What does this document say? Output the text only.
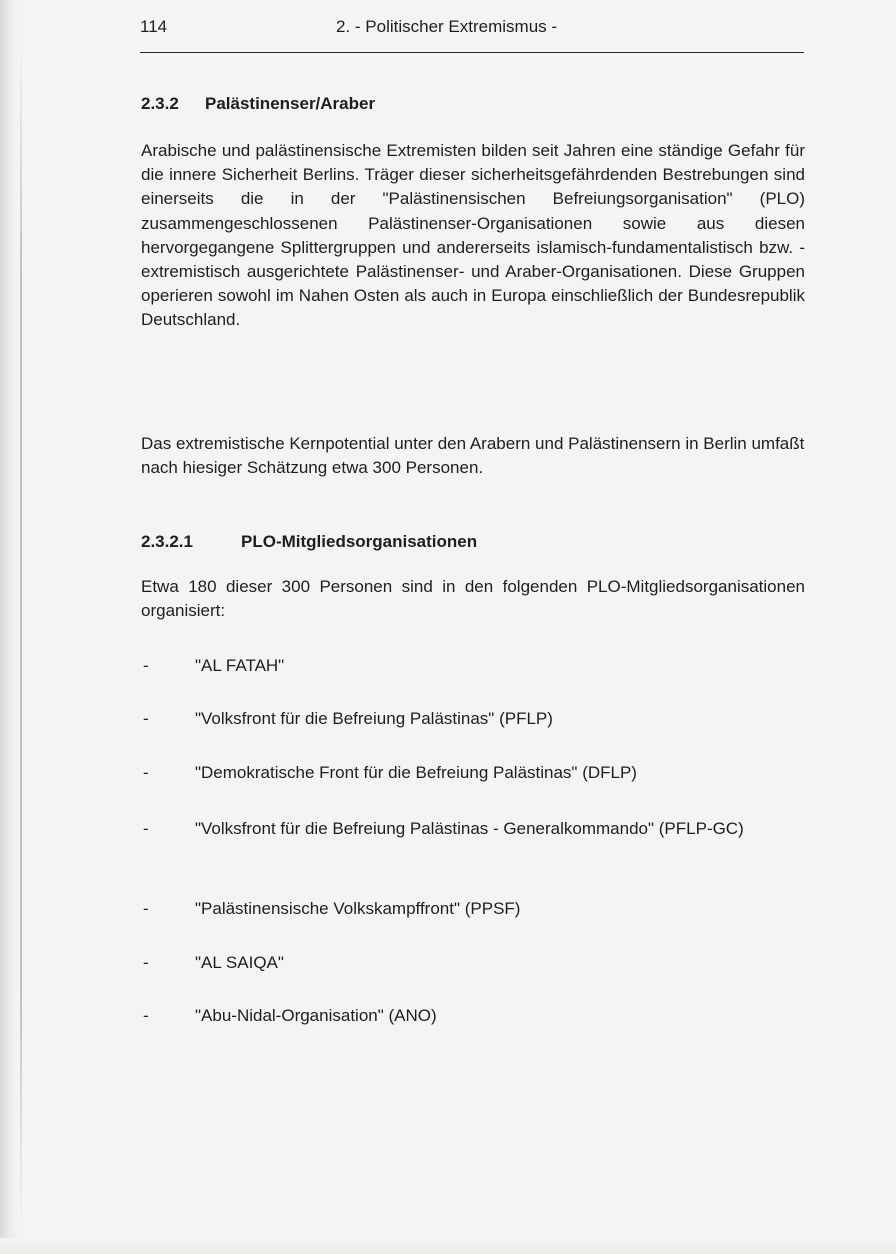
114	2. - Politischer Extremismus -
2.3.2 Palästinenser/Araber

Arabische und palästinensische Extremisten bilden seit Jahren eine ständige Gefahr für die innere Sicherheit Berlins. Träger dieser sicherheitsgefährdenden Bestrebungen sind einerseits die in der "Palästinensischen Befreiungsorganisation" (PLO) zusammengeschlossenen Palästinenser-Organisationen sowie aus diesen hervorgegangene Splittergruppen und andererseits islamisch-fundamentalistisch bzw. - extremistisch ausgerichtete Palästinenser- und Araber-Organisationen. Diese Gruppen operieren sowohl im Nahen Osten als auch in Europa einschließlich der Bundesrepublik Deutschland.

Das extremistische Kernpotential unter den Arabern und Palästinensern in Berlin umfaßt nach hiesiger Schätzung etwa 300 Personen.

2.3.2.1	PLO-Mitgliedsorganisationen

Etwa 180 dieser 300 Personen sind in den folgenden PLO-Mitgliedsorganisationen organisiert:

-	"AL FATAH"
-	"Volksfront für die Befreiung Palästinas" (PFLP)
-	"Demokratische Front für die Befreiung Palästinas" (DFLP)
-	"Volksfront für die Befreiung Palästinas - Generalkommando" (PFLP-GC)
-	"Palästinensische Volkskampffront" (PPSF)
-	"AL SAIQA"
-	"Abu-Nidal-Organisation" (ANO)
